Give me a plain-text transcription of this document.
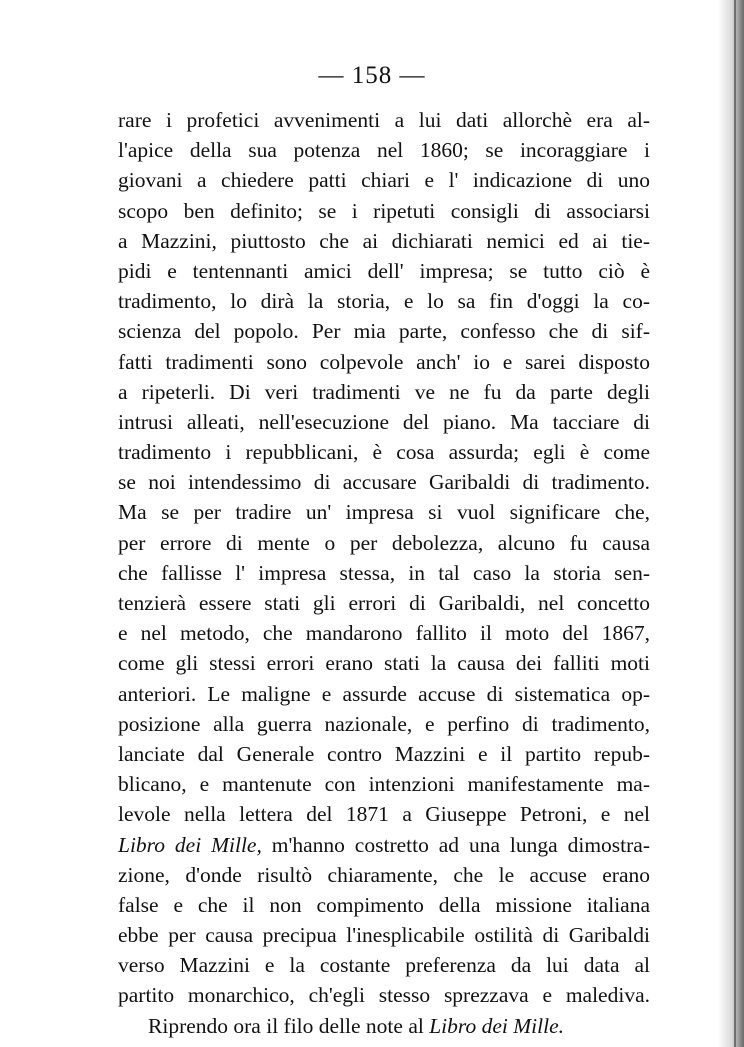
— 158 —
rare i profetici avvenimenti a lui dati allorchè era al-
l'apice della sua potenza nel 1860; se incoraggiare i
giovani a chiedere patti chiari e l' indicazione di uno
scopo ben definito; se i ripetuti consigli di associarsi
a Mazzini, piuttosto che ai dichiarati nemici ed ai tie-
pidi e tentennanti amici dell' impresa; se tutto ciò è
tradimento, lo dirà la storia, e lo sa fin d'oggi la co-
scienza del popolo. Per mia parte, confesso che di sif-
fatti tradimenti sono colpevole anch' io e sarei disposto
a ripeterli. Di veri tradimenti ve ne fu da parte degli
intrusi alleati, nell'esecuzione del piano. Ma tacciare di
tradimento i repubblicani, è cosa assurda; egli è come
se noi intendessimo di accusare Garibaldi di tradimento.
Ma se per tradire un' impresa si vuol significare che,
per errore di mente o per debolezza, alcuno fu causa
che fallisse l' impresa stessa, in tal caso la storia sen-
tenzierà essere stati gli errori di Garibaldi, nel concetto
e nel metodo, che mandarono fallito il moto del 1867,
come gli stessi errori erano stati la causa dei falliti moti
anteriori. Le maligne e assurde accuse di sistematica op-
posizione alla guerra nazionale, e perfino di tradimento,
lanciate dal Generale contro Mazzini e il partito repub-
blicano, e mantenute con intenzioni manifestamente ma-
levole nella lettera del 1871 a Giuseppe Petroni, e nel
Libro dei Mille, m'hanno costretto ad una lunga dimostra-
zione, d'onde risultò chiaramente, che le accuse erano
false e che il non compimento della missione italiana
ebbe per causa precipua l'inesplicabile ostilità di Garibaldi
verso Mazzini e la costante preferenza da lui data al
partito monarchico, ch'egli stesso sprezzava e malediva.
Riprendo ora il filo delle note al Libro dei Mille.
